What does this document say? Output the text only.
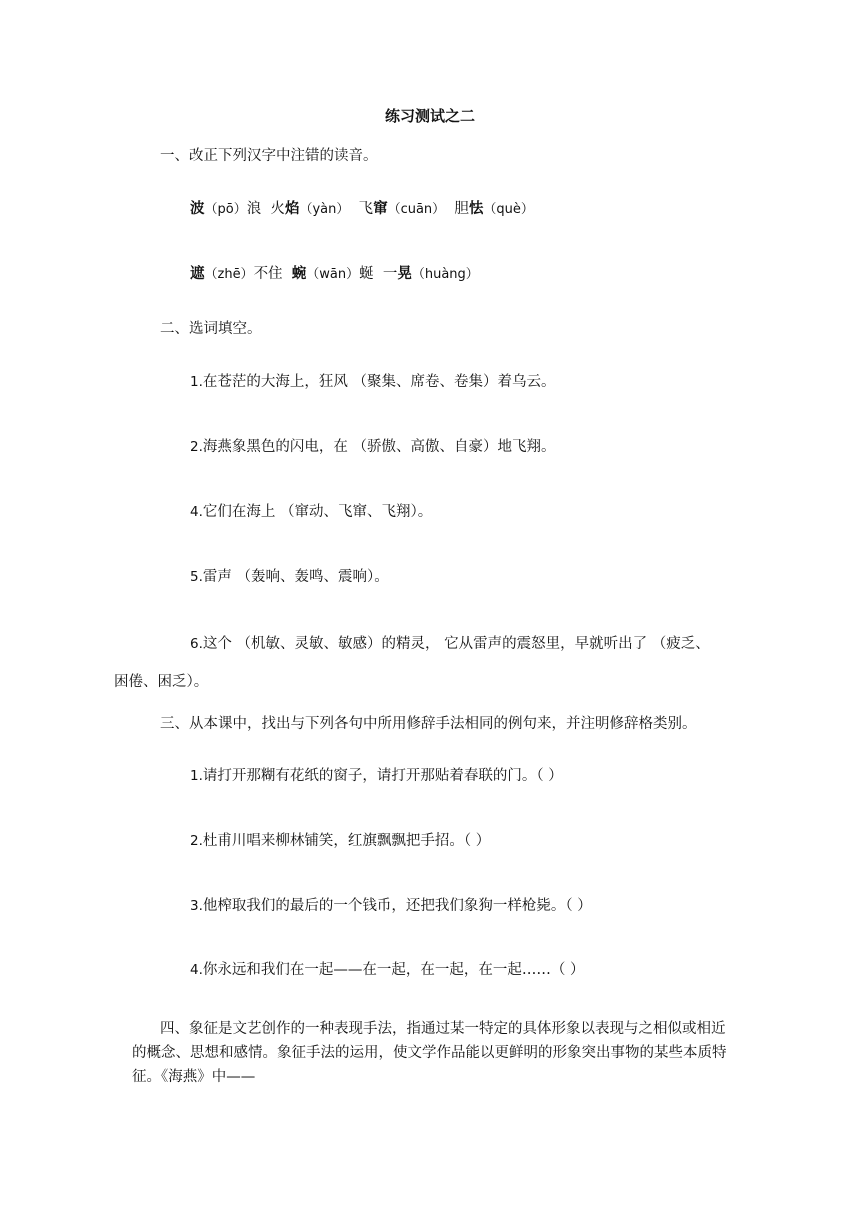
练习测试之二
一、改正下列汉字中注错的读音。
波（pō）浪  火焰（yàn）  飞窜（cuān）  胆怯（què）
遮（zhē）不住  蜿（wān）蜒  一晃（huàng）
二、选词填空。
1.在苍茫的大海上，狂风 （聚集、席卷、卷集）着乌云。
2.海燕象黑色的闪电，在 （骄傲、高傲、自豪）地飞翔。
4.它们在海上 （窜动、飞窜、飞翔）。
5.雷声 （轰响、轰鸣、震响）。
6.这个 （机敏、灵敏、敏感）的精灵， 它从雷声的震怒里，早就听出了 （疲乏、
困倦、困乏）。
三、从本课中，找出与下列各句中所用修辞手法相同的例句来，并注明修辞格类别。
1.请打开那糊有花纸的窗子，请打开那贴着春联的门。（ ）
2.杜甫川唱来柳林铺笑，红旗飘飘把手招。（ ）
3.他榨取我们的最后的一个钱币，还把我们象狗一样枪毙。（ ）
4.你永远和我们在一起——在一起，在一起，在一起……（ ）
四、象征是文艺创作的一种表现手法，指通过某一特定的具体形象以表现与之相似或相近的概念、思想和感情。象征手法的运用，使文学作品能以更鲜明的形象突出事物的某些本质特征。《海燕》中——
